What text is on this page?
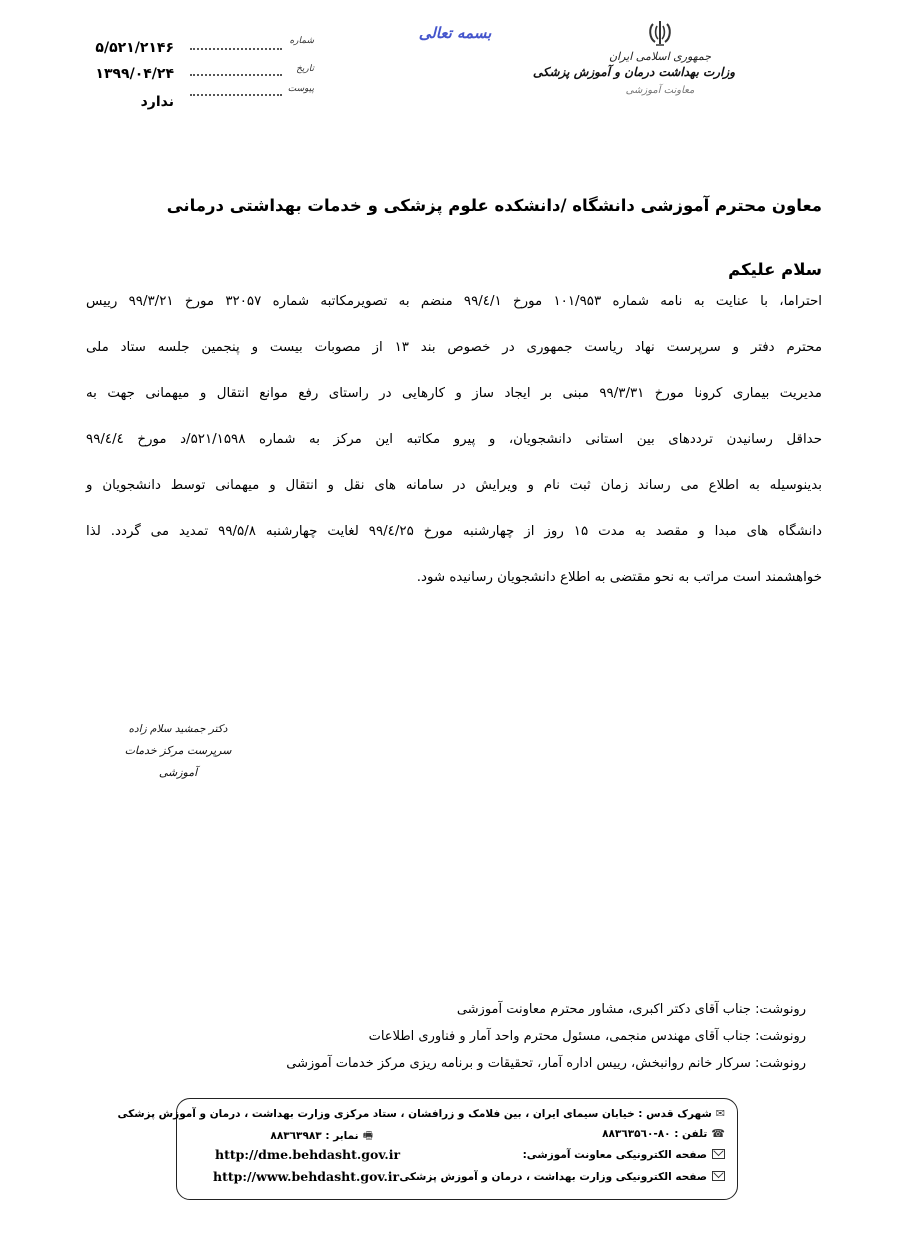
۵/۵۲۱/۲۱۴۶	شماره
۱۳۹۹/۰۴/۲۴	تاریخ
ندارد
پیوست
بسمه تعالی
جمهوری اسلامی ایران
وزارت بهداشت درمان و آموزش پزشکی
معاونت آموزشی
معاون محترم آموزشی دانشگاه /دانشکده علوم پزشکی و خدمات بهداشتی درمانی
سلام علیکم
احتراما، با عنایت به نامه شماره ۱۰۱/۹۵۳ مورخ ۹۹/٤/۱ منضم به تصویرمکاتبه شماره ۳۲۰۵۷ مورخ ۹۹/۳/۲۱ رییس
محترم دفتر و سرپرست نهاد ریاست جمهوری در خصوص بند ۱۳ از مصوبات بیست و پنجمین جلسه ستاد ملی
مدیریت بیماری کرونا مورخ ۹۹/۳/۳۱ مبنی بر ایجاد ساز و کارهایی در راستای رفع موانع انتقال و میهمانی جهت به
حداقل رسانیدن ترددهای بین استانی دانشجویان، و پیرو مکاتبه این مرکز به شماره ۵۲۱/۱۵۹۸/د مورخ ۹۹/٤/٤
بدینوسیله به اطلاع می رساند زمان ثبت نام و ویرایش در سامانه های نقل و انتقال و میهمانی توسط دانشجویان و
دانشگاه های مبدا و مقصد به مدت ۱۵ روز از چهارشنبه مورخ ۹۹/٤/۲۵ لغایت چهارشنبه ۹۹/۵/۸ تمدید می گردد. لذا
خواهشمند است مراتب به نحو مقتضی به اطلاع دانشجویان رسانیده شود.
دکتر جمشید سلام زاده
سرپرست مرکز خدمات آموزشی
رونوشت: جناب آقای دکتر اکبری، مشاور محترم معاونت آموزشی
رونوشت: جناب آقای مهندس منجمی، مسئول محترم واحد آمار و فناوری اطلاعات
رونوشت: سرکار خانم روانبخش، رییس اداره آمار، تحقیقات و برنامه ریزی مرکز خدمات آموزشی
✉شهرک قدس : خیابان سیمای ایران ، بین فلامک و زرافشان ، ستاد مرکزی وزارت بهداشت ، درمان و آموزش پزشکی
☎تلفن : ۸۰-۸۸۳٦۳۵٦۰
🖷نمابر : ۸۸۳٦۳۹۸۳
صفحه الکترونیکی معاونت آموزشی:
http://dme.behdasht.gov.ir
صفحه الکترونیکی وزارت بهداشت ، درمان و آموزش پزشکی
http://www.behdasht.gov.ir
